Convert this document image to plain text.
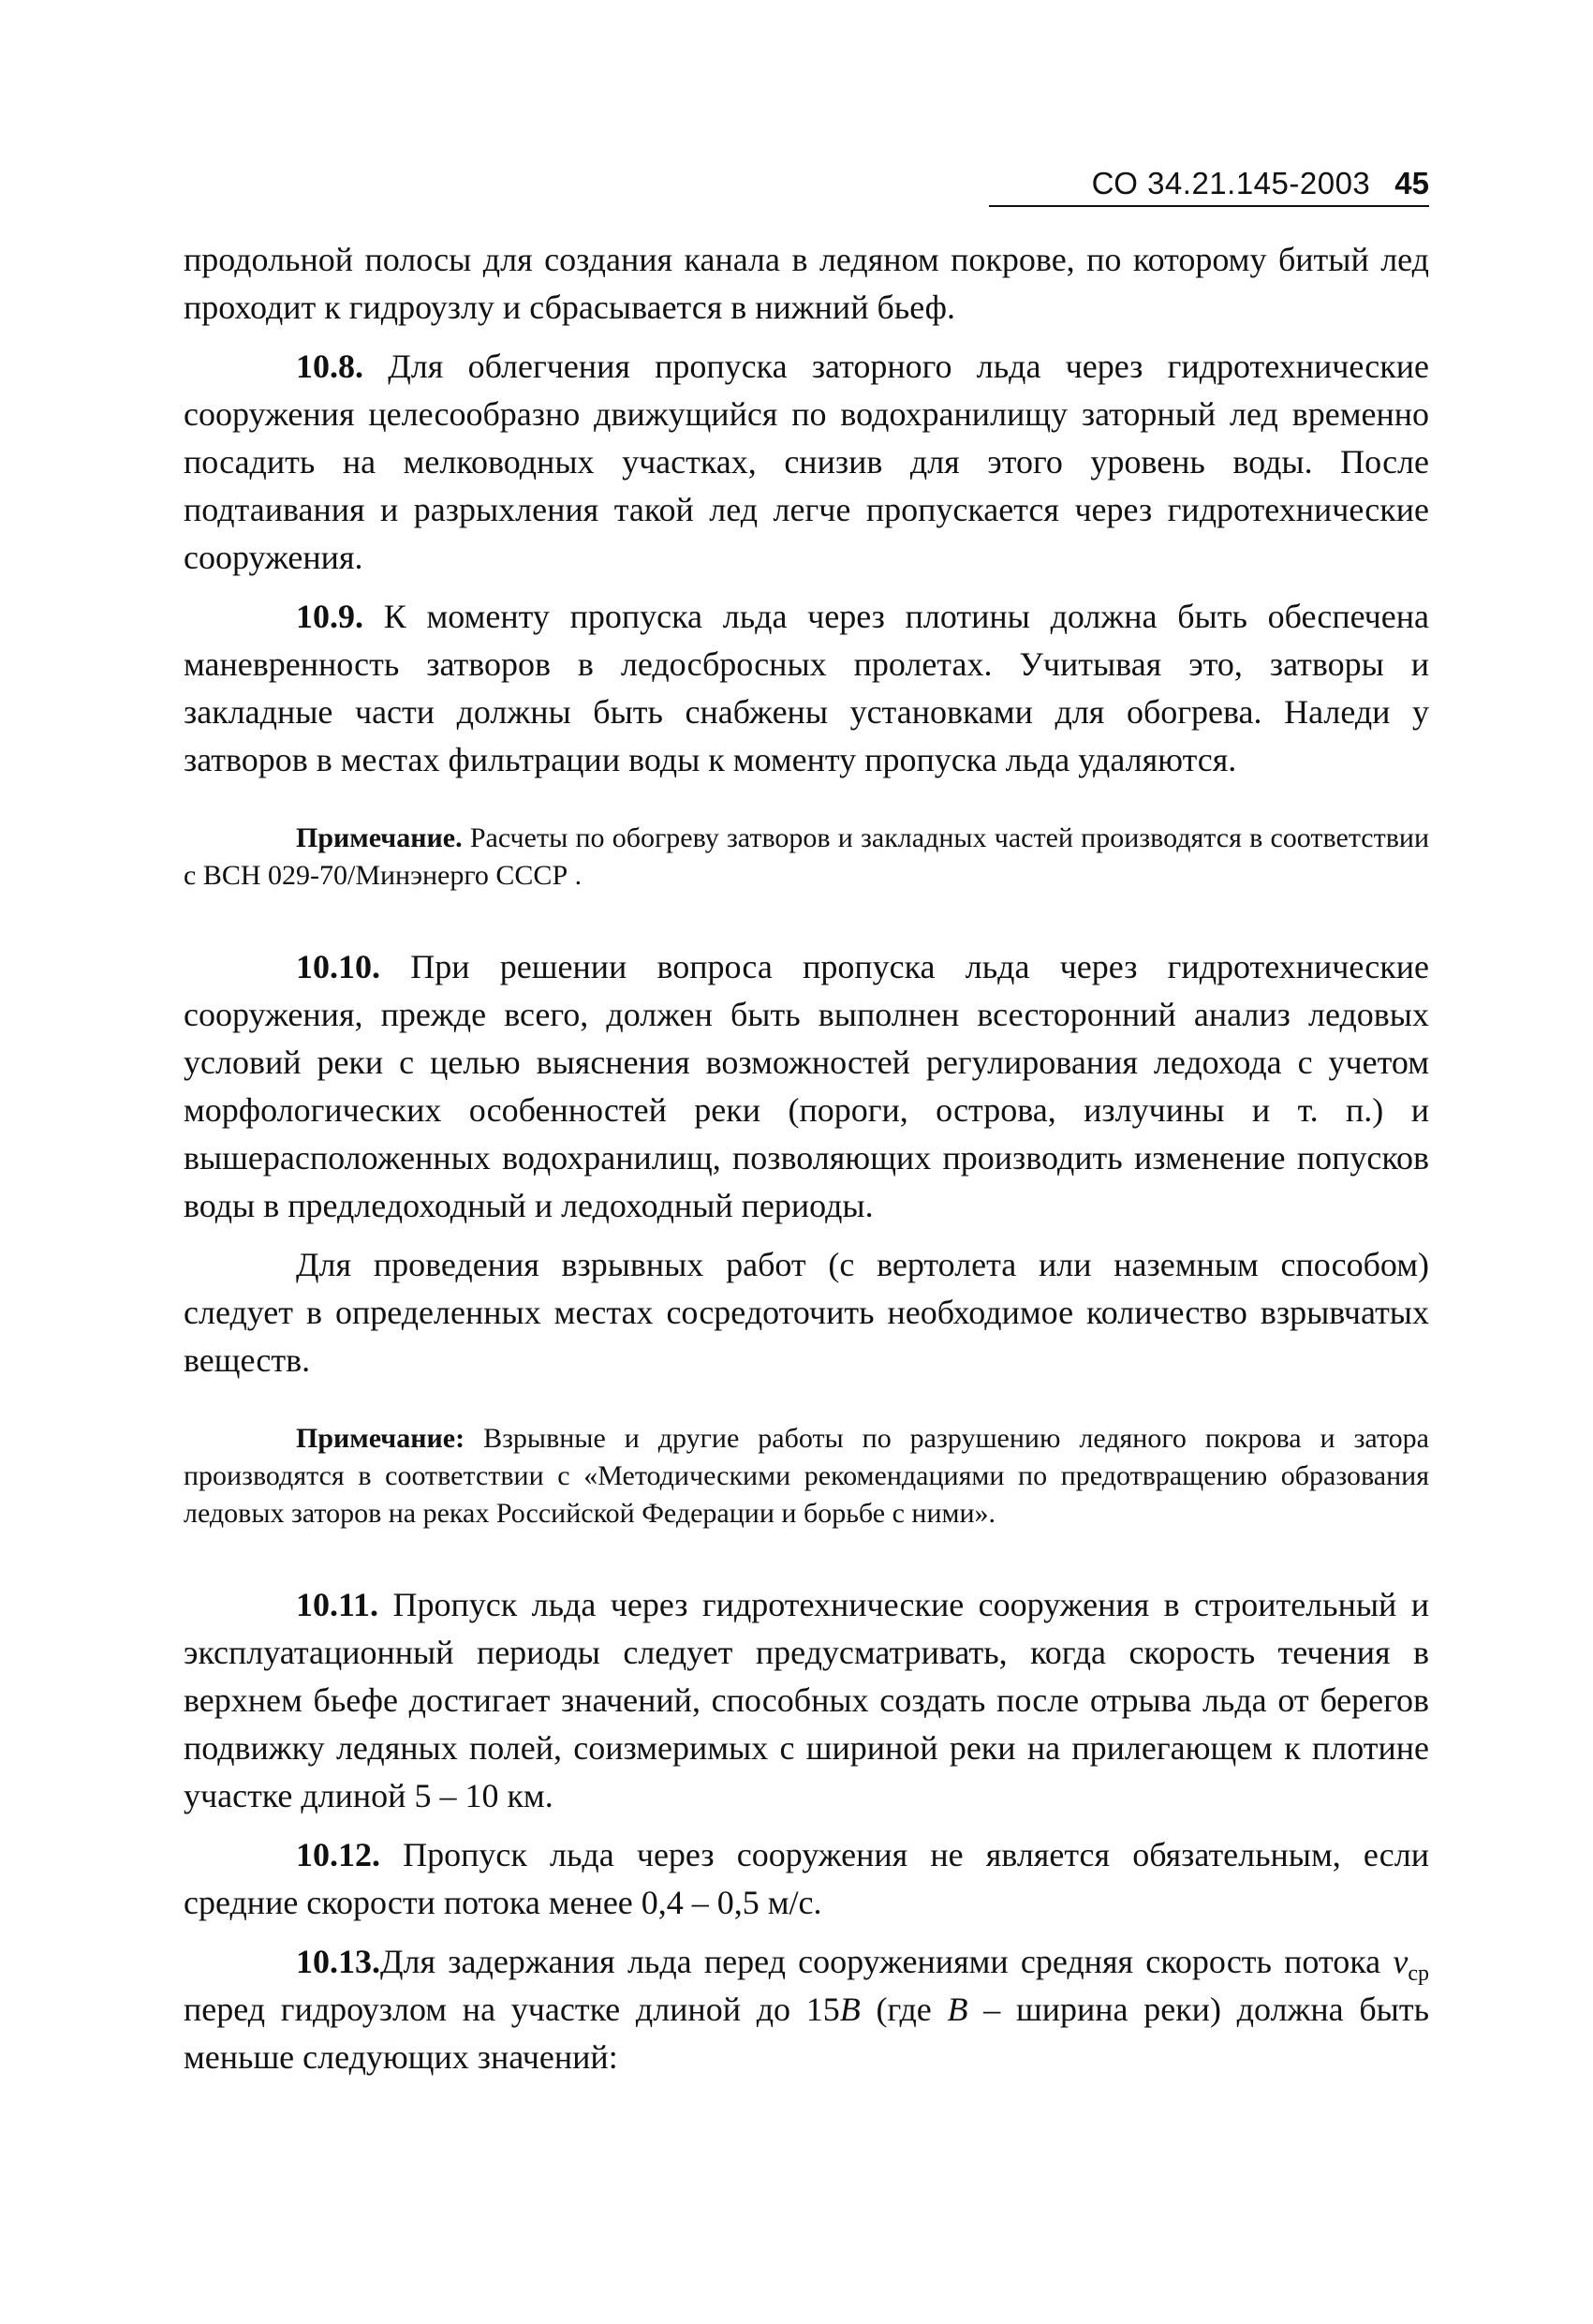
СО 34.21.145-2003 45

продольной полосы для создания канала в ледяном покрове, по которому битый лед проходит к гидроузлу и сбрасывается в нижний бьеф.

10.8. Для облегчения пропуска заторного льда через гидротехнические сооружения целесообразно движущийся по водохранилищу заторный лед временно посадить на мелководных участках, снизив для этого уровень воды. После подтаивания и разрыхления такой лед легче пропускается через гидротехнические сооружения.

10.9. К моменту пропуска льда через плотины должна быть обеспечена маневренность затворов в ледосбросных пролетах. Учитывая это, затворы и закладные части должны быть снабжены установками для обогрева. Наледи у затворов в местах фильтрации воды к моменту пропуска льда удаляются.

Примечание. Расчеты по обогреву затворов и закладных частей производятся в соответствии с ВСН 029-70/Минэнерго СССР .

10.10. При решении вопроса пропуска льда через гидротехнические сооружения, прежде всего, должен быть выполнен всесторонний анализ ледовых условий реки с целью выяснения возможностей регулирования ледохода с учетом морфологических особенностей реки (пороги, острова, излучины и т. п.) и вышерасположенных водохранилищ, позволяющих производить изменение попусков воды в предледоходный и ледоходный периоды.

Для проведения взрывных работ (с вертолета или наземным способом) следует в определенных местах сосредоточить необходимое количество взрывчатых веществ.

Примечание: Взрывные и другие работы по разрушению ледяного покрова и затора производятся в соответствии с «Методическими рекомендациями по предотвращению образования ледовых заторов на реках Российской Федерации и борьбе с ними».

10.11. Пропуск льда через гидротехнические сооружения в строительный и эксплуатационный периоды следует предусматривать, когда скорость течения в верхнем бьефе достигает значений, способных создать после отрыва льда от берегов подвижку ледяных полей, соизмеримых с шириной реки на прилегающем к плотине участке длиной 5 – 10 км.

10.12. Пропуск льда через сооружения не является обязательным, если средние скорости потока менее 0,4 – 0,5 м/с.

10.13.Для задержания льда перед сооружениями средняя скорость потока $v_{ср}$ перед гидроузлом на участке длиной до 15B (где B – ширина реки) должна быть меньше следующих значений:
